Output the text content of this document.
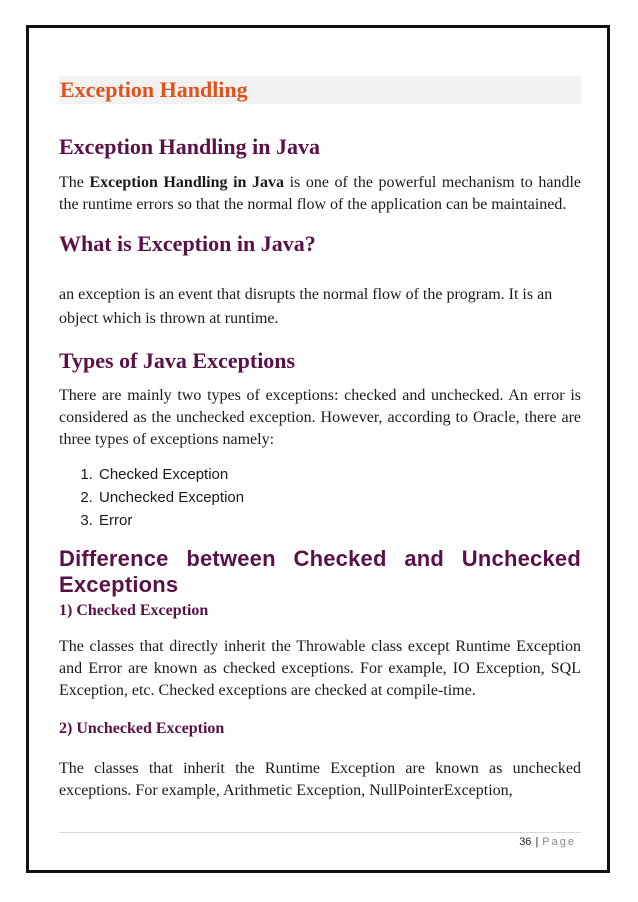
Exception Handling
Exception Handling in Java

The Exception Handling in Java is one of the powerful mechanism to handle the runtime errors so that the normal flow of the application can be maintained.

What is Exception in Java?

an exception is an event that disrupts the normal flow of the program. It is an object which is thrown at runtime.

Types of Java Exceptions

There are mainly two types of exceptions: checked and unchecked. An error is considered as the unchecked exception. However, according to Oracle, there are three types of exceptions namely:

1. Checked Exception
2. Unchecked Exception
3. Error
Difference between Checked and Unchecked
Exceptions
1) Checked Exception

The classes that directly inherit the Throwable class except Runtime Exception and Error are known as checked exceptions. For example, IO Exception, SQL Exception, etc. Checked exceptions are checked at compile-time.

2) Unchecked Exception

The classes that inherit the Runtime Exception are known as unchecked exceptions. For example, Arithmetic Exception, NullPointerException,

36 | Page
